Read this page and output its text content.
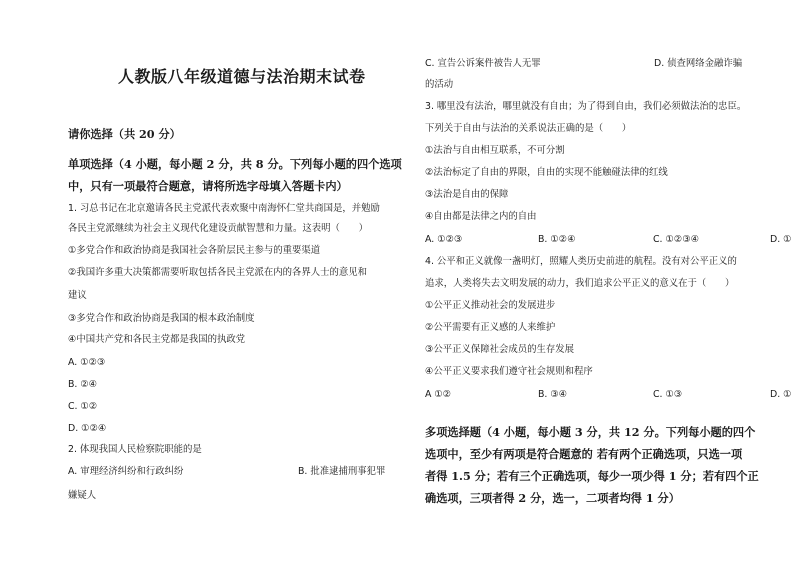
人教版八年级道德与法治期末试卷
请你选择（共 20 分）
单项选择（4 小题，每小题 2 分，共 8 分。下列每小题的四个选项
中，只有一项最符合题意，请将所选字母填入答题卡内）
1. 习总书记在北京邀请各民主党派代表欢聚中南海怀仁堂共商国是，并勉励
各民主党派继续为社会主义现代化建设贡献智慧和力量。这表明（　　）
①多党合作和政治协商是我国社会各阶层民主参与的重要渠道
②我国许多重大决策都需要听取包括各民主党派在内的各界人士的意见和
建议
③多党合作和政治协商是我国的根本政治制度
④中国共产党和各民主党都是我国的执政党
A. ①②③
B. ②④
C. ①②
D. ①②④
2. 体现我国人民检察院职能的是
A. 审理经济纠纷和行政纠纷	B. 批准逮捕刑事犯罪
嫌疑人
C. 宣告公诉案件被告人无罪	D. 侦查网络金融诈骗
的活动
3. 哪里没有法治，哪里就没有自由；为了得到自由，我们必须做法治的忠臣。
下列关于自由与法治的关系说法正确的是（　　）
①法治与自由相互联系，不可分割
②法治标定了自由的界限，自由的实现不能触碰法律的红线
③法治是自由的保障
④自由都是法律之内的自由
A. ①②③	B. ①②④	C. ①②③④	D. ①
4. 公平和正义就像一盏明灯，照耀人类历史前进的航程。没有对公平正义的
追求，人类将失去文明发展的动力，我们追求公平正义的意义在于（　　）
①公平正义推动社会的发展进步
②公平需要有正义感的人来维护
③公平正义保障社会成员的生存发展
④公平正义要求我们遵守社会规则和程序
A ①②	B. ③④	C. ①③	D. ①
多项选择题（4 小题，每小题 3 分，共 12 分。下列每小题的四个
选项中，至少有两项是符合题意的 若有两个正确选项，只选一项
者得 1.5 分；若有三个正确选项，每少一项少得 1 分；若有四个正
确选项，三项者得 2 分，选一，二项者均得 1 分）
